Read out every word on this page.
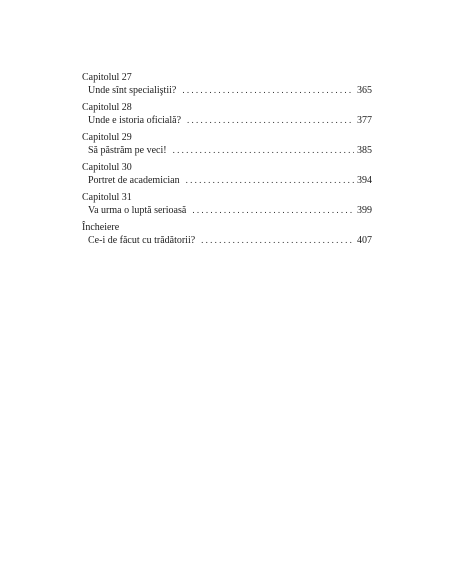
Capitolul 27
Unde sînt specialiştii? . . .	365
Capitolul 28
Unde e istoria oficială? . . .	377
Capitolul 29
Să păstrăm pe veci! . . .	385
Capitolul 30
Portret de academician . . .	394
Capitolul 31
Va urma o luptă serioasă . . .	399
Încheiere
Ce-i de făcut cu trădătorii? . . .	407
